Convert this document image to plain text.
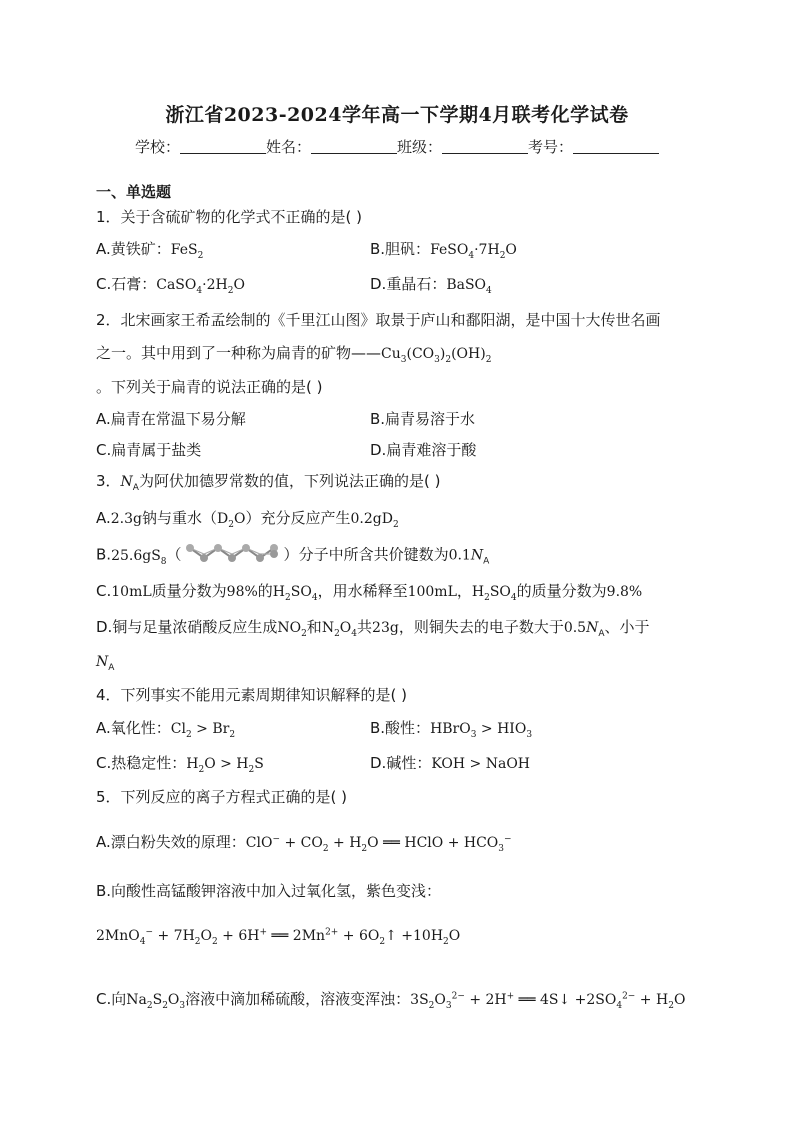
浙江省2023-2024学年高一下学期4月联考化学试卷
学校：	姓名：	班级：	考号：
一、单选题
1．关于含硫矿物的化学式不正确的是( )
A.黄铁矿：FeS$_2$	B.胆矾：$FeSO_4\cdot 7H_2O$
C.石膏：$CaSO_4\cdot 2H_2O$	D.重晶石：BaSO$_4$
2．北宋画家王希孟绘制的《千里江山图》取景于庐山和鄱阳湖，是中国十大传世名画
之一。其中用到了一种称为扁青的矿物$——Cu_3(CO_3)_2(OH)_2$
。下列关于扁青的说法正确的是( )
A.扁青在常温下易分解	B.扁青易溶于水
C.扁青属于盐类	D.扁青难溶于酸
3．$N_A$为阿伏加德罗常数的值，下列说法正确的是( )
A.2.3g钠与重水$(D_2O)$充分反应产生$0.2gD_2$
$B.25.6gS_8$（	）分子中所含共价键数为$0.1N_A$
C.10mL质量分数为98%的$H_2SO_4$，用水稀释至100mL，$H_2SO_4$的质量分数为9.8%
D.铜与足量浓硝酸反应生成$NO_2$和$N_2O_4$共23g，则铜失去的电子数大于$0.5N_A$、小于
$N_A$
4．下列事实不能用元素周期律知识解释的是( )
A.氧化性：$Cl_2 > Br_2$	B.酸性：HBrO$_3$ > $HIO_3$
C.热稳定性：$H_2O > H_2S$	D.碱性：KOH > NaOH
5．下列反应的离子方程式正确的是( )
A.漂白粉失效的原理：$ClO^- + CO_2 + H_2O$ ══ HClO + $HCO_3^-$
B.向酸性高锰酸钾溶液中加入过氧化氢，紫色变浅：
$2MnO_4^- + 7H_2O_2 + 6H^+$ ══ $2Mn^{2+}$ + $6O_2↑ +10H_2O$
C.向$Na_2S_2O_3$溶液中滴加稀硫酸，溶液变浑浊：$3S_2O_3^{2-} + 2H^+$ ══ 4S↓ $+2SO_4^{2-} + H_2O$
